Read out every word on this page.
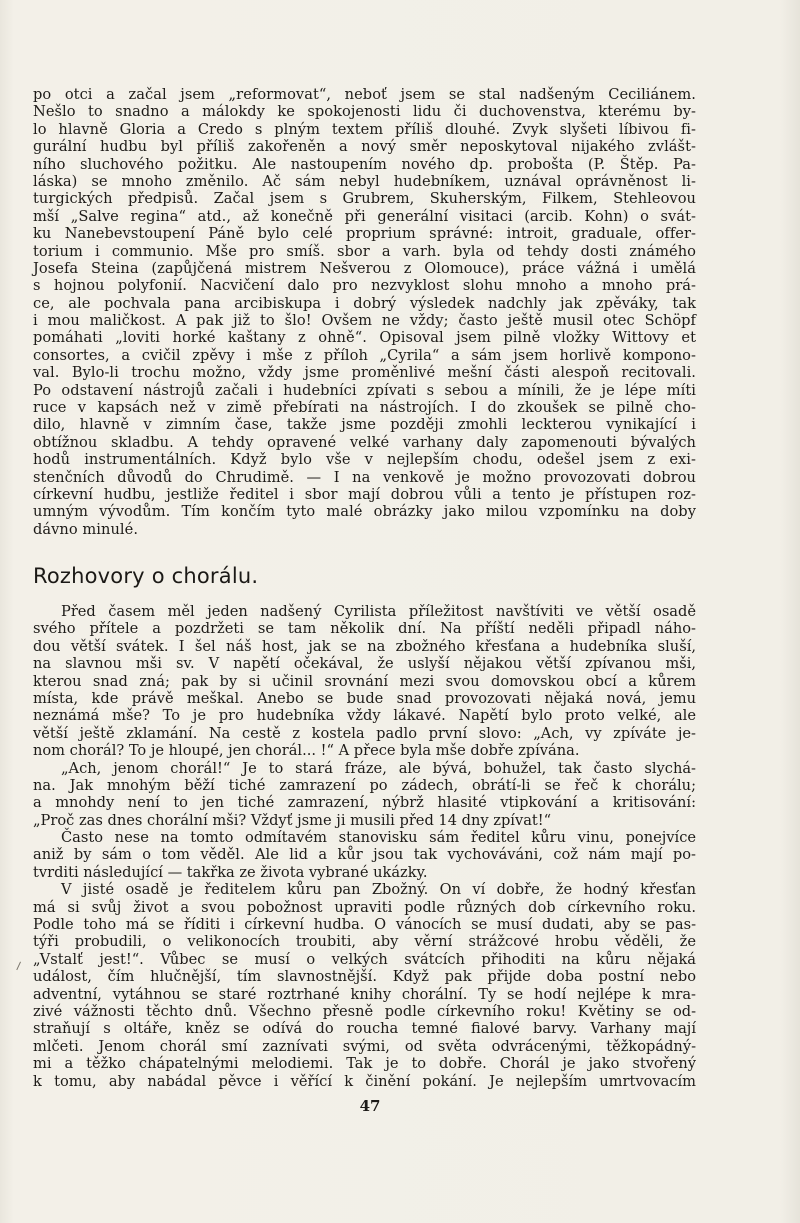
po otci a začal jsem „reformovat“, neboť jsem se stal nadšeným Ceciliánem.
Nešlo to snadno a málokdy ke spokojenosti lidu či duchovenstva, kterému by-
lo hlavně Gloria a Credo s plným textem příliš dlouhé. Zvyk slyšeti líbivou fi-
gurální hudbu byl příliš zakořeněn a nový směr neposkytoval nijakého zvlášt-
ního sluchového požitku. Ale nastoupením nového dp. probošta (P. Štěp. Pa-
láska) se mnoho změnilo. Ač sám nebyl hudebníkem, uznával oprávněnost li-
turgických předpisů. Začal jsem s Grubrem, Skuherským, Filkem, Stehleovou
mší „Salve regina“ atd., až konečně při generální visitaci (arcib. Kohn) o svát-
ku Nanebevstoupení Páně bylo celé proprium správné: introit, graduale, offer-
torium i communio. Mše pro smíš. sbor a varh. byla od tehdy dosti známého
Josefa Steina (zapůjčená mistrem Nešverou z Olomouce), práce vážná i umělá
s hojnou polyfonií. Nacvičení dalo pro nezvyklost slohu mnoho a mnoho prá-
ce, ale pochvala pana arcibiskupa i dobrý výsledek nadchly jak zpěváky, tak
i mou maličkost. A pak již to šlo! Ovšem ne vždy; často ještě musil otec Schöpf
pomáhati „loviti horké kaštany z ohně“. Opisoval jsem pilně vložky Wittovy et
consortes, a cvičil zpěvy i mše z příloh „Cyrila“ a sám jsem horlivě kompono-
val. Bylo-li trochu možno, vždy jsme proměnlivé mešní části alespoň recitovali.
Po odstavení nástrojů začali i hudebníci zpívati s sebou a mínili, že je lépe míti
ruce v kapsách než v zimě přebírati na nástrojích. I do zkoušek se pilně cho-
dilo, hlavně v zimním čase, takže jsme později zmohli leckterou vynikající i
obtížnou skladbu. A tehdy opravené velké varhany daly zapomenouti bývalých
hodů instrumentálních. Když bylo vše v nejlepším chodu, odešel jsem z exi-
stenčních důvodů do Chrudimě. — I na venkově je možno provozovati dobrou
církevní hudbu, jestliže ředitel i sbor mají dobrou vůli a tento je přístupen roz-
umným vývodům. Tím končím tyto malé obrázky jako milou vzpomínku na doby
dávno minulé.
Rozhovory o chorálu.
Před časem měl jeden nadšený Cyrilista příležitost navštíviti ve větší osadě
svého přítele a pozdržeti se tam několik dní. Na příští neděli připadl náho-
dou větší svátek. I šel náš host, jak se na zbožného křesťana a hudebníka sluší,
na slavnou mši sv. V napětí očekával, že uslyší nějakou větší zpívanou mši,
kterou snad zná; pak by si učinil srovnání mezi svou domovskou obcí a kůrem
místa, kde právě meškal. Anebo se bude snad provozovati nějaká nová, jemu
neznámá mše? To je pro hudebníka vždy lákavé. Napětí bylo proto velké, ale
větší ještě zklamání. Na cestě z kostela padlo první slovo: „Ach, vy zpíváte je-
nom chorál? To je hloupé, jen chorál... !“ A přece byla mše dobře zpívána.
„Ach, jenom chorál!“ Je to stará fráze, ale bývá, bohužel, tak často slychá-
na. Jak mnohým běží tiché zamrazení po zádech, obrátí-li se řeč k chorálu;
a mnohdy není to jen tiché zamrazení, nýbrž hlasité vtipkování a kritisování:
„Proč zas dnes chorální mši? Vždyť jsme ji musili před 14 dny zpívat!“
Často nese na tomto odmítavém stanovisku sám ředitel kůru vinu, ponejvíce
aniž by sám o tom věděl. Ale lid a kůr jsou tak vychováváni, což nám mají po-
tvrditi následující — takřka ze života vybrané ukázky.
V jisté osadě je ředitelem kůru pan Zbožný. On ví dobře, že hodný křesťan
má si svůj život a svou pobožnost upraviti podle různých dob církevního roku.
Podle toho má se říditi i církevní hudba. O vánocích se musí dudati, aby se pas-
týři probudili, o velikonocích troubiti, aby věrní strážcové hrobu věděli, že
„Vstalť jest!“. Vůbec se musí o velkých svátcích přihoditi na kůru nějaká
událost, čím hlučnější, tím slavnostnější. Když pak přijde doba postní nebo
adventní, vytáhnou se staré roztrhané knihy chorální. Ty se hodí nejlépe k mra-
zivé vážnosti těchto dnů. Všechno přesně podle církevního roku! Květiny se od-
straňují s oltáře, kněz se odívá do roucha temné fialové barvy. Varhany mají
mlčeti. Jenom chorál smí zaznívati svými, od světa odvrácenými, těžkopádný-
mi a těžko chápatelnými melodiemi. Tak je to dobře. Chorál je jako stvořený
k tomu, aby nabádal pěvce i věřící k činění pokání. Je nejlepším umrtvovacím
47
